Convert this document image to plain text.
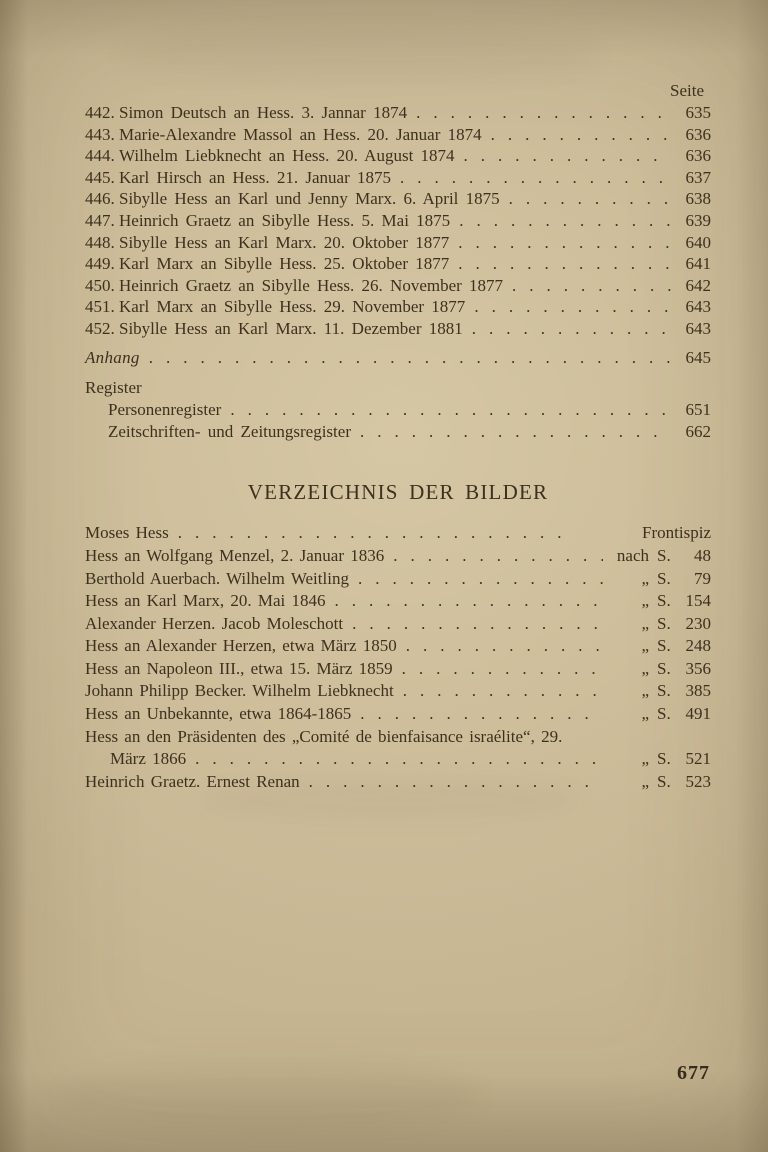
Seite
442. Simon Deutsch an Hess. 3. Jannar 1874 .....	635
443. Marie-Alexandre Massol an Hess. 20. Januar 1874 .....	636
444. Wilhelm Liebknecht an Hess. 20. August 1874 .....	636
445. Karl Hirsch an Hess. 21. Januar 1875 .....	637
446. Sibylle Hess an Karl und Jenny Marx. 6. April 1875 .....	638
447. Heinrich Graetz an Sibylle Hess. 5. Mai 1875 .....	639
448. Sibylle Hess an Karl Marx. 20. Oktober 1877 .....	640
449. Karl Marx an Sibylle Hess. 25. Oktober 1877 .....	641
450. Heinrich Graetz an Sibylle Hess. 26. November 1877 .....	642
451. Karl Marx an Sibylle Hess. 29. November 1877 .....	643
452. Sibylle Hess an Karl Marx. 11. Dezember 1881 .....	643
Anhang .....	645
Register
Personenregister .....	651
Zeitschriften- und Zeitungsregister .....	662
VERZEICHNIS DER BILDER
Moses Hess .....	Frontispiz
Hess an Wolfgang Menzel, 2. Januar 1836 .....	nach S.	48
Berthold Auerbach. Wilhelm Weitling .....	„ S.	79
Hess an Karl Marx, 20. Mai 1846 .....	„ S. 154
Alexander Herzen. Jacob Moleschott .....	„ S. 230
Hess an Alexander Herzen, etwa März 1850 .....	„ S. 248
Hess an Napoleon III., etwa 15. März 1859 .....	„ S. 356
Johann Philipp Becker. Wilhelm Liebknecht .....	„ S. 385
Hess an Unbekannte, etwa 1864-1865 .....	„ S. 491
Hess an den Präsidenten des „Comité de bienfaisance israélite“, 29.
März 1866 .....	„ S. 521
Heinrich Graetz. Ernest Renan .....	„ S. 523
677
